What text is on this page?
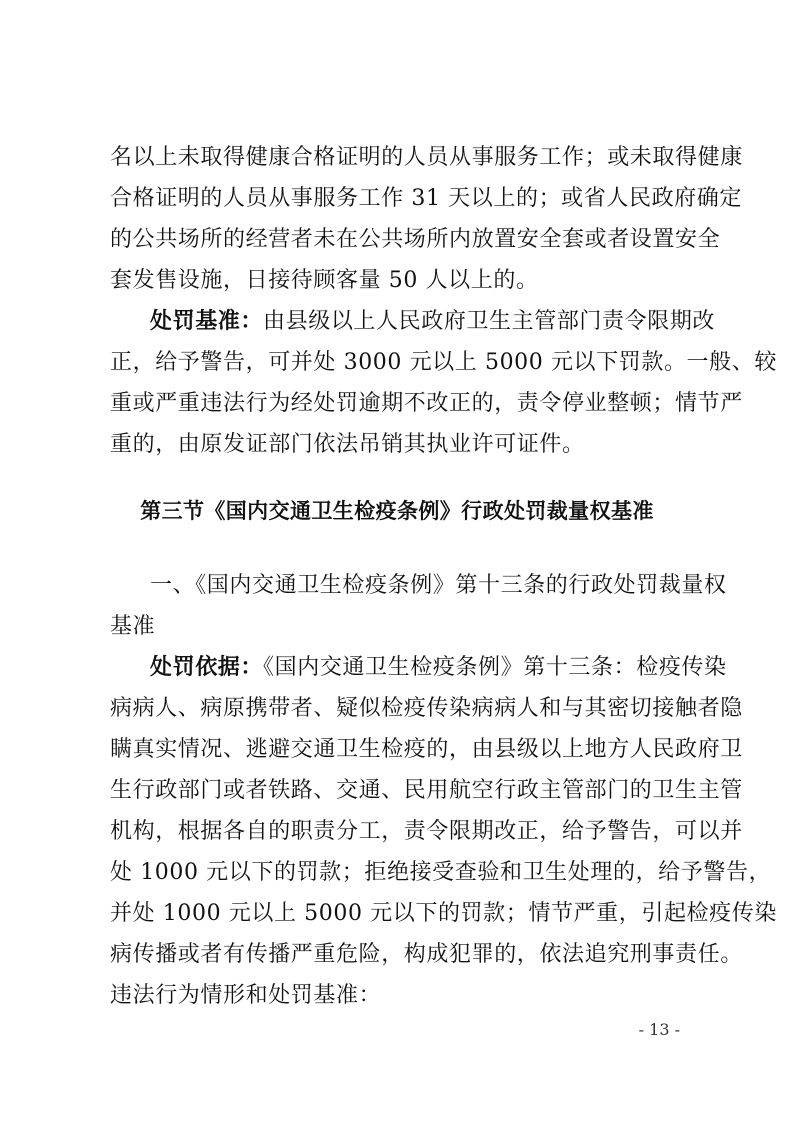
名以上未取得健康合格证明的人员从事服务工作；或未取得健康
合格证明的人员从事服务工作 31 天以上的；或省人民政府确定
的公共场所的经营者未在公共场所内放置安全套或者设置安全
套发售设施，日接待顾客量 50 人以上的。
处罚基准：由县级以上人民政府卫生主管部门责令限期改
正，给予警告，可并处 3000 元以上 5000 元以下罚款。一般、较
重或严重违法行为经处罚逾期不改正的，责令停业整顿；情节严
重的，由原发证部门依法吊销其执业许可证件。
第三节《国内交通卫生检疫条例》行政处罚裁量权基准
一、《国内交通卫生检疫条例》第十三条的行政处罚裁量权
基准
处罚依据：《国内交通卫生检疫条例》第十三条：检疫传染
病病人、病原携带者、疑似检疫传染病病人和与其密切接触者隐
瞒真实情况、逃避交通卫生检疫的，由县级以上地方人民政府卫
生行政部门或者铁路、交通、民用航空行政主管部门的卫生主管
机构，根据各自的职责分工，责令限期改正，给予警告，可以并
处 1000 元以下的罚款；拒绝接受查验和卫生处理的，给予警告，
并处 1000 元以上 5000 元以下的罚款；情节严重，引起检疫传染
病传播或者有传播严重危险，构成犯罪的，依法追究刑事责任。
违法行为情形和处罚基准：
- 13 -
